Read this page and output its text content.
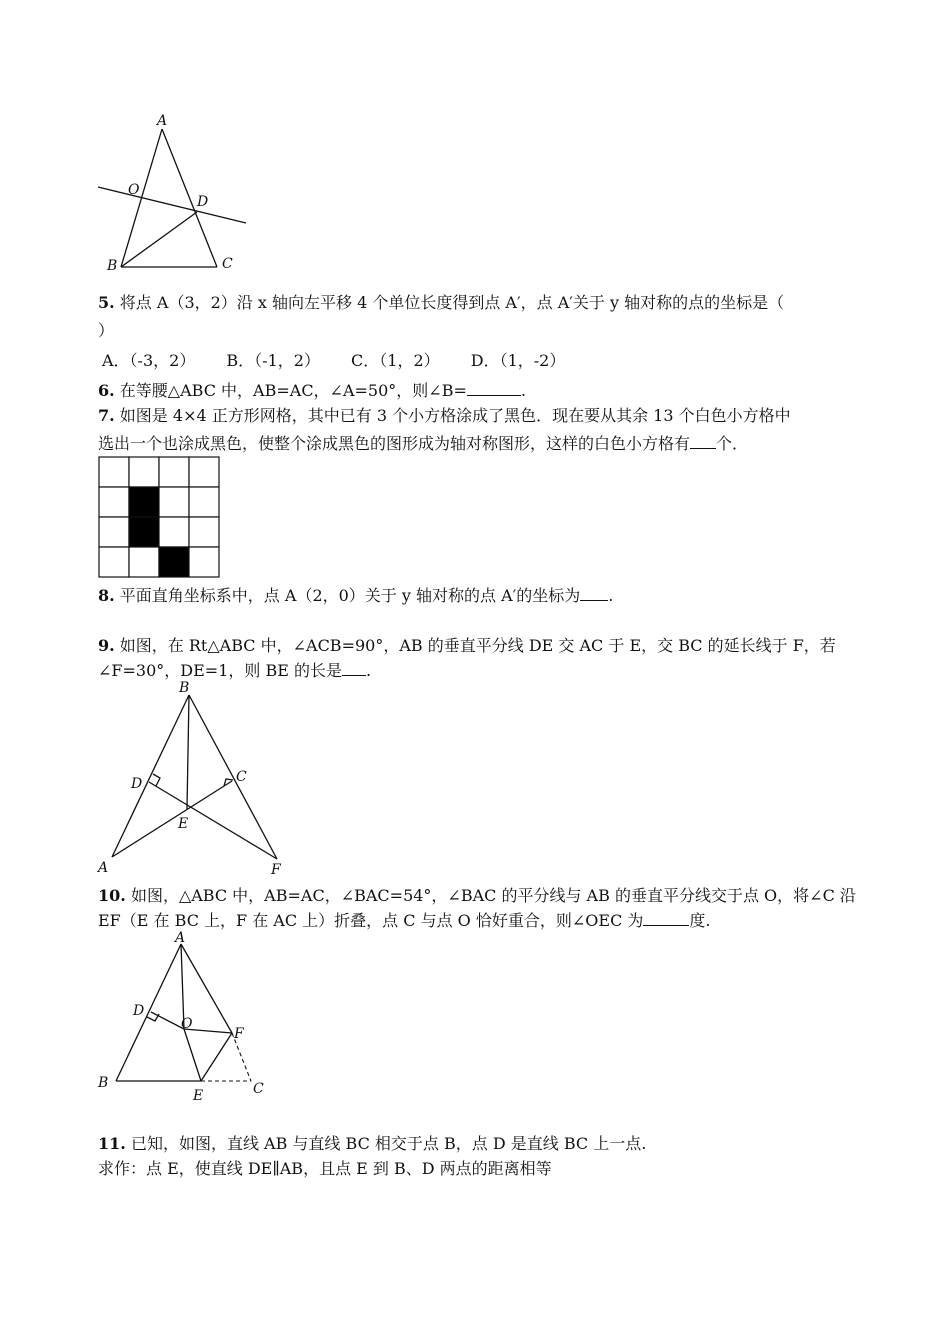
A
O
D
B	C
5. 将点 A（3，2）沿 x 轴向左平移 4 个单位长度得到点 A′，点 A′关于 y 轴对称的点的坐标是（
）
A．（-3，2） B．（-1，2） C．（1，2） D．（1，-2）
6. 在等腰△ABC 中，AB=AC，∠A=50°，则∠B=	.
7. 如图是 4×4 正方形网格，其中已有 3 个小方格涂成了黑色．现在要从其余 13 个白色小方格中
选出一个也涂成黑色，使整个涂成黑色的图形成为轴对称图形，这样的白色小方格有 个．
8. 平面直角坐标系中，点 A（2，0）关于 y 轴对称的点 A′的坐标为 .
9. 如图，在 Rt△ABC 中，∠ACB=90°，AB 的垂直平分线 DE 交 AC 于 E，交 BC 的延长线于 F，若
∠F=30°，DE=1，则 BE 的长是 .
B
D	C
E
A	F
10. 如图，△ABC 中，AB=AC，∠BAC=54°，∠BAC 的平分线与 AB 的垂直平分线交于点 O，将∠C 沿
EF（E 在 BC 上，F 在 AC 上）折叠，点 C 与点 O 恰好重合，则∠OEC 为	度.
A
D
O
F
B
E	C
11. 已知，如图，直线 AB 与直线 BC 相交于点 B，点 D 是直线 BC 上一点.
求作：点 E，使直线 DE∥AB，且点 E 到 B、D 两点的距离相等
